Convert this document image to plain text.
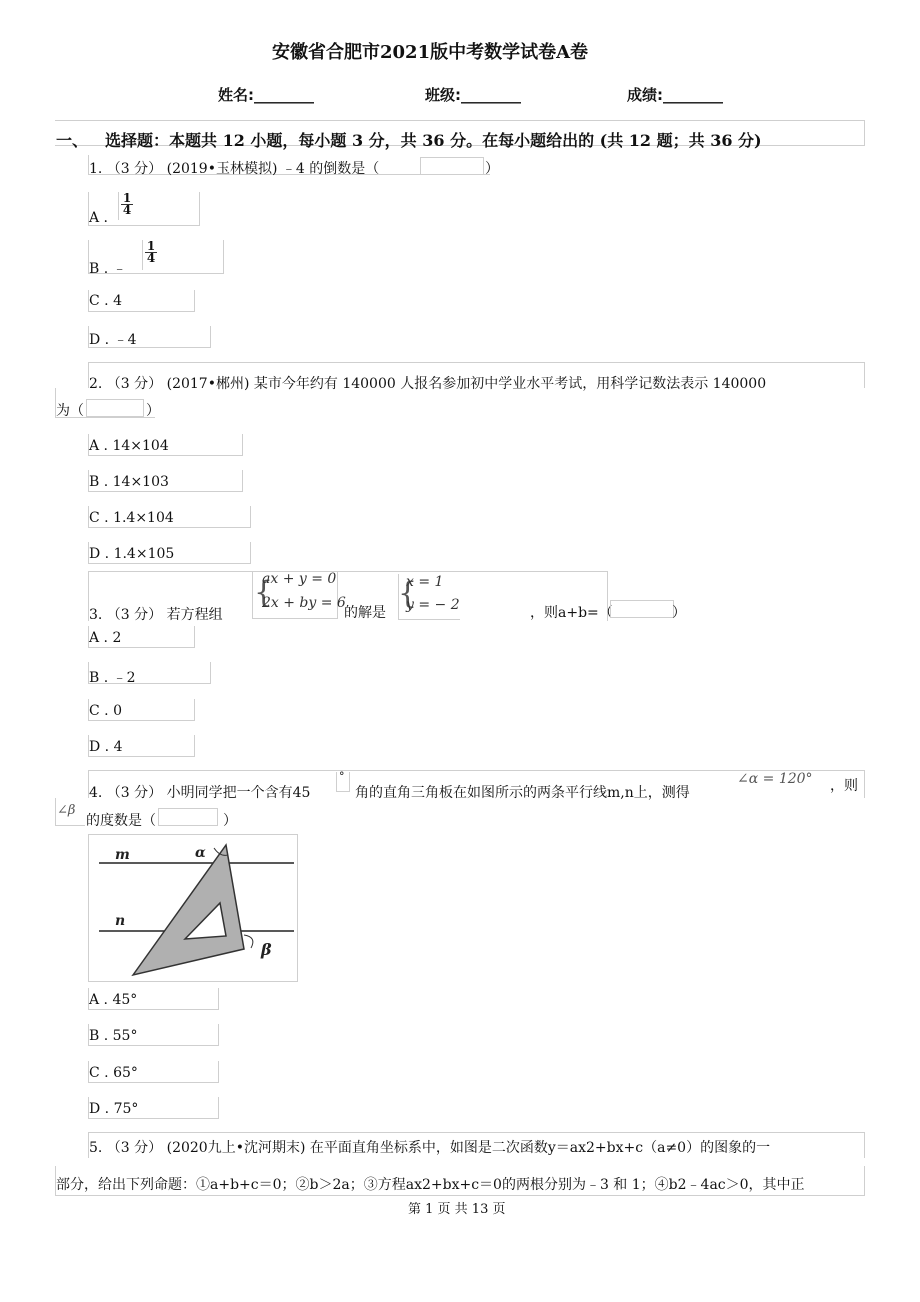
安徽省合肥市2021版中考数学试卷A卷
姓名:________	班级:________	成绩:________
一、 选择题：本题共 12 小题，每小题 3 分，共 36 分。在每小题给出的 (共 12 题；共 36 分)
1. （3 分） (2019•玉林模拟) ﹣4 的倒数是（	）
A .
$\frac{1}{4}$
B . ﹣
$\frac{1}{4}$
C . 4
D . ﹣4
2. （3 分） (2017•郴州) 某市今年约有 140000 人报名参加初中学业水平考试，用科学记数法表示 140000
为（	）
A . 14×104
B . 14×103
C . 1.4×104
D . 1.4×105
3. （3 分） 若方程组
{
ax + y = 0
2x + by = 6
的解是
{
x = 1
y = − 2	，则a+b=（	）
A . 2
B . ﹣2
C . 0
D . 4
4. （3 分） 小明同学把一个含有45
°
角的直角三角板在如图所示的两条平行线m,n上，测得
∠α = 120° ，则
∠β
的度数是（	）
m
n
α
β
A . 45°
B . 55°
C . 65°
D . 75°
5. （3 分） (2020九上•沈河期末) 在平面直角坐标系中，如图是二次函数y＝ax2+bx+c（a≠0）的图象的一
部分，给出下列命题：①a+b+c＝0；②b＞2a；③方程ax2+bx+c＝0的两根分别为﹣3 和 1；④b2﹣4ac＞0，其中正
第 1 页 共 13 页
